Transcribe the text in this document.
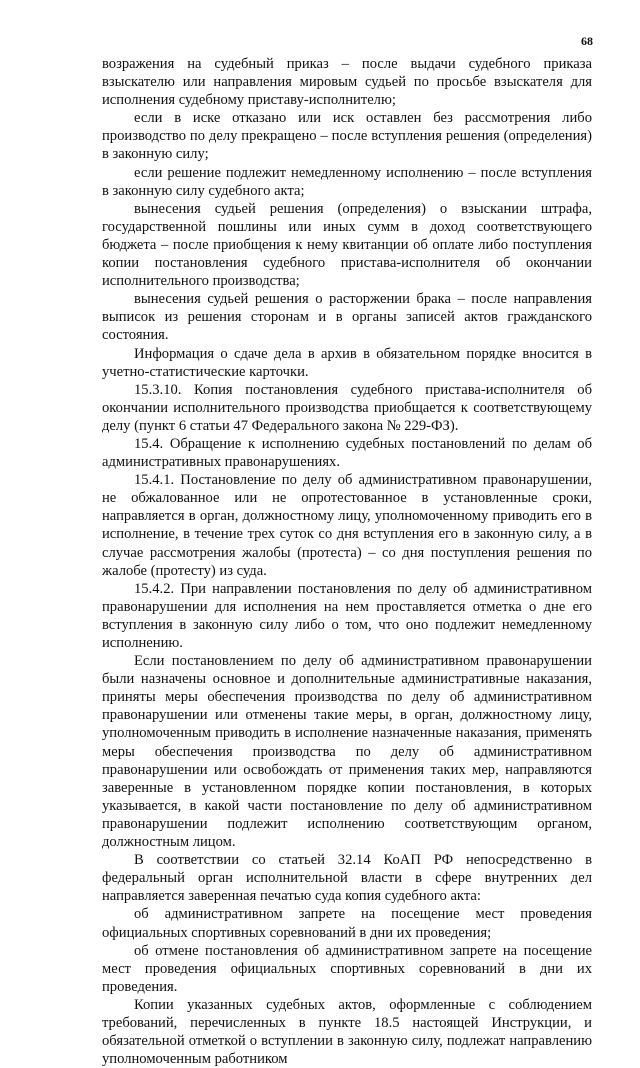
68

возражения на судебный приказ – после выдачи судебного приказа взыскателю или направления мировым судьей по просьбе взыскателя для исполнения судебному приставу-исполнителю;

если в иске отказано или иск оставлен без рассмотрения либо производство по делу прекращено – после вступления решения (определения) в законную силу;

если решение подлежит немедленному исполнению – после вступления в законную силу судебного акта;

вынесения судьей решения (определения) о взыскании штрафа, государственной пошлины или иных сумм в доход соответствующего бюджета – после приобщения к нему квитанции об оплате либо поступления копии постановления судебного пристава-исполнителя об окончании исполнительного производства;

вынесения судьей решения о расторжении брака – после направления выписок из решения сторонам и в органы записей актов гражданского состояния.

Информация о сдаче дела в архив в обязательном порядке вносится в учетно-статистические карточки.

15.3.10. Копия постановления судебного пристава-исполнителя об окончании исполнительного производства приобщается к соответствующему делу (пункт 6 статьи 47 Федерального закона № 229-ФЗ).

15.4. Обращение к исполнению судебных постановлений по делам об административных правонарушениях.

15.4.1. Постановление по делу об административном правонарушении, не обжалованное или не опротестованное в установленные сроки, направляется в орган, должностному лицу, уполномоченному приводить его в исполнение, в течение трех суток со дня вступления его в законную силу, а в случае рассмотрения жалобы (протеста) – со дня поступления решения по жалобе (протесту) из суда.

15.4.2. При направлении постановления по делу об административном правонарушении для исполнения на нем проставляется отметка о дне его вступления в законную силу либо о том, что оно подлежит немедленному исполнению.

Если постановлением по делу об административном правонарушении были назначены основное и дополнительные административные наказания, приняты меры обеспечения производства по делу об административном правонарушении или отменены такие меры, в орган, должностному лицу, уполномоченным приводить в исполнение назначенные наказания, применять меры обеспечения производства по делу об административном правонарушении или освобождать от применения таких мер, направляются заверенные в установленном порядке копии постановления, в которых указывается, в какой части постановление по делу об административном правонарушении подлежит исполнению соответствующим органом, должностным лицом.

В соответствии со статьей 32.14 КоАП РФ непосредственно в федеральный орган исполнительной власти в сфере внутренних дел направляется заверенная печатью суда копия судебного акта:

об административном запрете на посещение мест проведения официальных спортивных соревнований в дни их проведения;

об отмене постановления об административном запрете на посещение мест проведения официальных спортивных соревнований в дни их проведения.

Копии указанных судебных актов, оформленные с соблюдением требований, перечисленных в пункте 18.5 настоящей Инструкции, и обязательной отметкой о вступлении в законную силу, подлежат направлению уполномоченным работником
